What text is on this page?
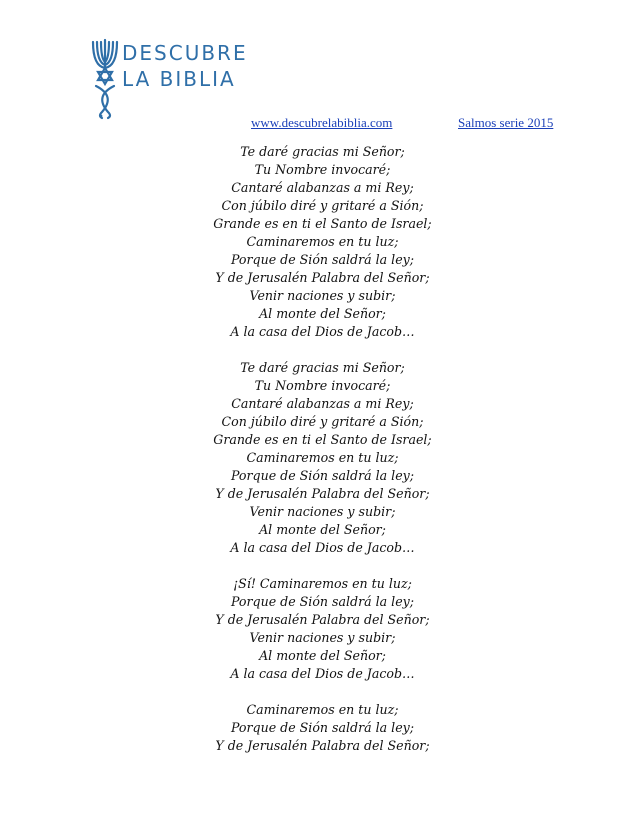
DESCUBRE
LA BIBLIA
www.descubrelabiblia.com	Salmos serie 2015
Te daré gracias mi Señor;
Tu Nombre invocaré;
Cantaré alabanzas a mi Rey;
Con júbilo diré y gritaré a Sión;
Grande es en ti el Santo de Israel;
Caminaremos en tu luz;
Porque de Sión saldrá la ley;
Y de Jerusalén Palabra del Señor;
Venir naciones y subir;
Al monte del Señor;
A la casa del Dios de Jacob…
Te daré gracias mi Señor;
Tu Nombre invocaré;
Cantaré alabanzas a mi Rey;
Con júbilo diré y gritaré a Sión;
Grande es en ti el Santo de Israel;
Caminaremos en tu luz;
Porque de Sión saldrá la ley;
Y de Jerusalén Palabra del Señor;
Venir naciones y subir;
Al monte del Señor;
A la casa del Dios de Jacob…
¡Sí! Caminaremos en tu luz;
Porque de Sión saldrá la ley;
Y de Jerusalén Palabra del Señor;
Venir naciones y subir;
Al monte del Señor;
A la casa del Dios de Jacob…
Caminaremos en tu luz;
Porque de Sión saldrá la ley;
Y de Jerusalén Palabra del Señor;
